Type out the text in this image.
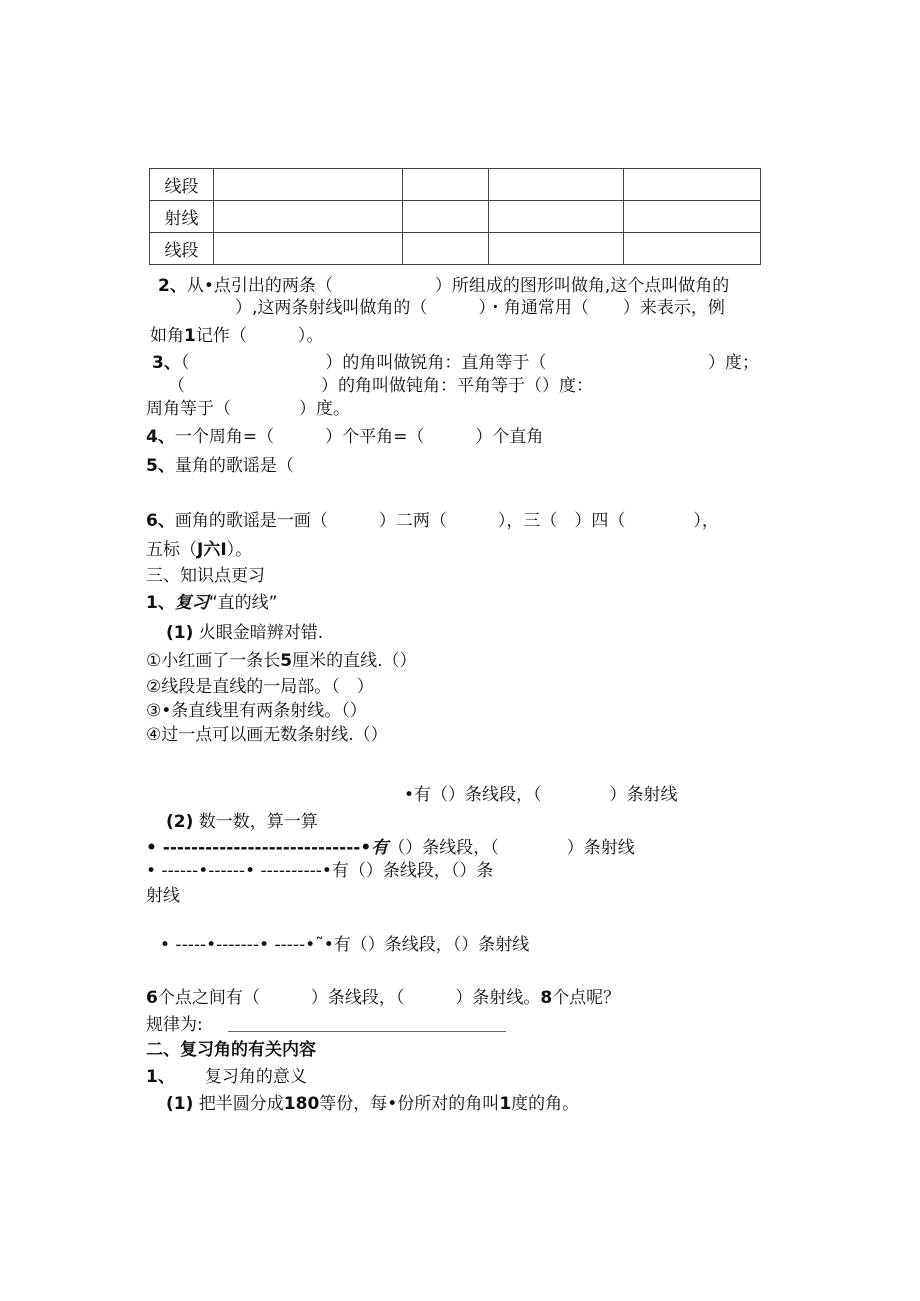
线段				
射线				
线段				
2、从•点引出的两条（　　　　　　）所组成的图形叫做角,这个点叫做角的
）,这两条射线叫做角的（　　　）・角通常用（　　）来表示，例
如角1记作（　　　）。
3、（　　　　　　　　）的角叫做锐角：直角等于（	）度；
（　　　　　　　　）的角叫做钝角：平角等于（）度：
周角等于（　　　　）度。
4、一个周角=（　　　）个平角=（　　　）个直角
5、量角的歌谣是（
6、画角的歌谣是一画（　　　）二两（　　　），三（　）四（　　　　），
五标（J六I）。
三、知识点更习
1、复习“直的线”
(1) 火眼金暗辨对错.
①小红画了一条长5厘米的直线.（）
②线段是直线的一局部。（　）
③•条直线里有两条射线。（）
④过一点可以画无数条射线.（）
•有（）条线段，（　　　　）条射线
(2) 数一数，算一算
• ----------------------------•有（）条线段，（　　　　）条射线
• ------•------• ----------•有（）条线段，（）条
射线
• -----•-------• -----•˜•有（）条线段，（）条射线
6个点之间有（　　　）条线段，（　　　）条射线。8个点呢？
规律为:
二、复习角的有关内容
1、 复习角的意义
(1) 把半圆分成180等份，每•份所对的角叫1度的角。
